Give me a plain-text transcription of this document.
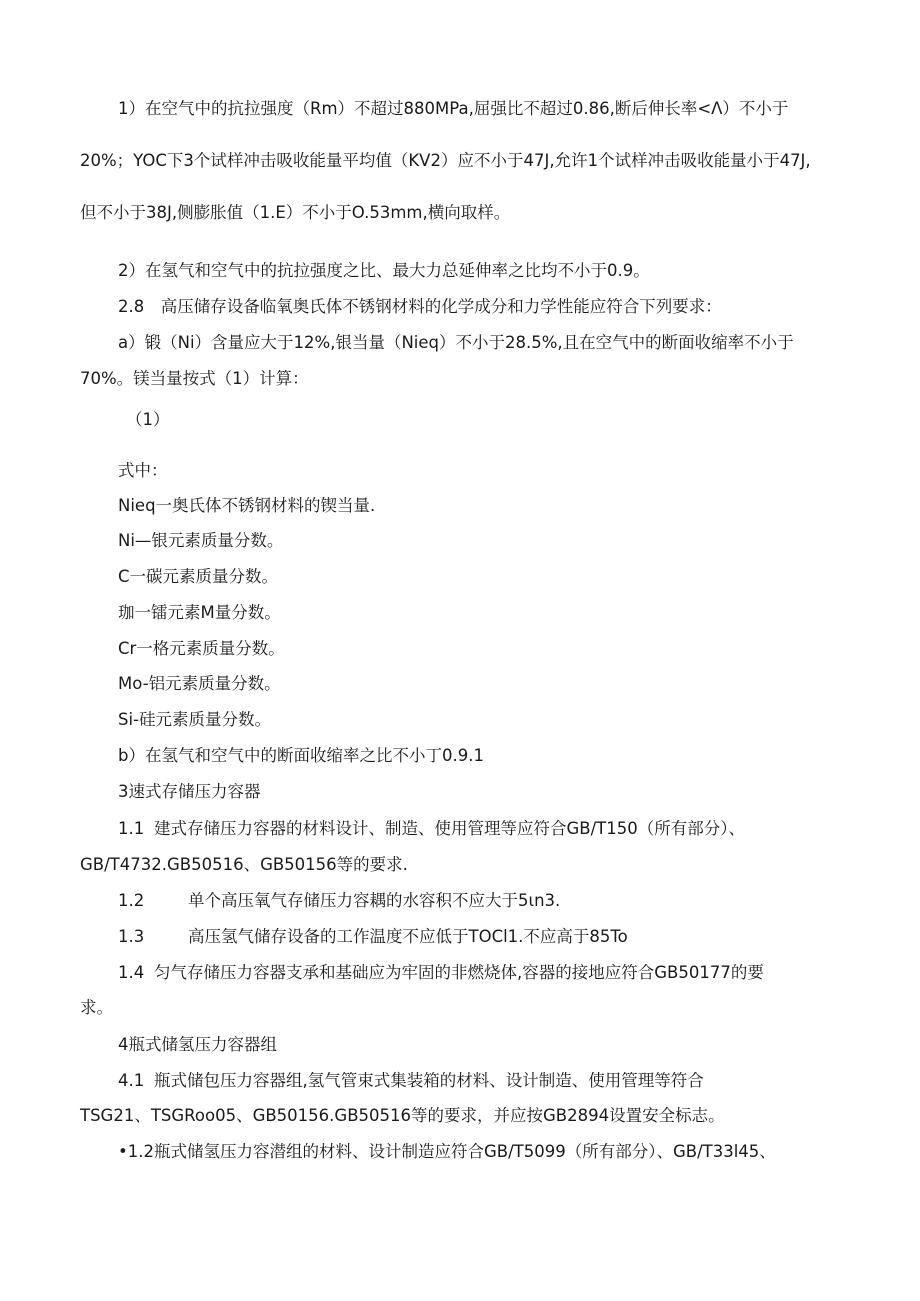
1）在空气中的抗拉强度（Rm）不超过880MPa,屈强比不超过0.86,断后伸长率<Λ）不小于

20%；YOC下3个试样冲击吸收能量平均值（KV2）应不小于47J,允许1个试样冲击吸收能量小于47J,

但不小于38J,侧膨胀值（1.E）不小于O.53mm,横向取样。

2）在氢气和空气中的抗拉强度之比、最大力总延伸率之比均不小于0.9。

2.8　高压储存设备临氧奥氏体不锈钢材料的化学成分和力学性能应符合下列要求：

a）锻（Ni）含量应大于12%,银当量（Nieq）不小于28.5%,且在空气中的断面收缩率不小于

70%。镁当量按式（1）计算：

（1）

式中：

Nieq一奥氏体不锈钢材料的锲当量.

Ni—银元素质量分数。

C一碳元素质量分数。

珈一镭元素M量分数。

Cr一格元素质量分数。

Mo-铝元素质量分数。

Si-硅元素质量分数。

b）在氢气和空气中的断面收缩率之比不小丁0.9.1

3速式存储压力容器

1.1 建式存储压力容器的材料设计、制造、使用管理等应符合GB/T150（所有部分）、

GB/T4732.GB50516、GB50156等的要求.

1.2	单个高压氧气存储压力容耦的水容积不应大于5ιn3.

1.3	高压氢气储存设备的工作温度不应低于TOCl1.不应高于85To

1.4 匀气存储压力容器支承和基础应为牢固的非燃烧体,容器的接地应符合GB50177的要

求。

4瓶式储氢压力容器组

4.1 瓶式储包压力容器组,氢气管束式集装箱的材料、设计制造、使用管理等符合

TSG21、TSGRoo05、GB50156.GB50516等的要求，并应按GB2894设置安全标志。

•1.2瓶式储氢压力容潜组的材料、设计制造应符合GB/T5099（所有部分）、GB/T33l45、
